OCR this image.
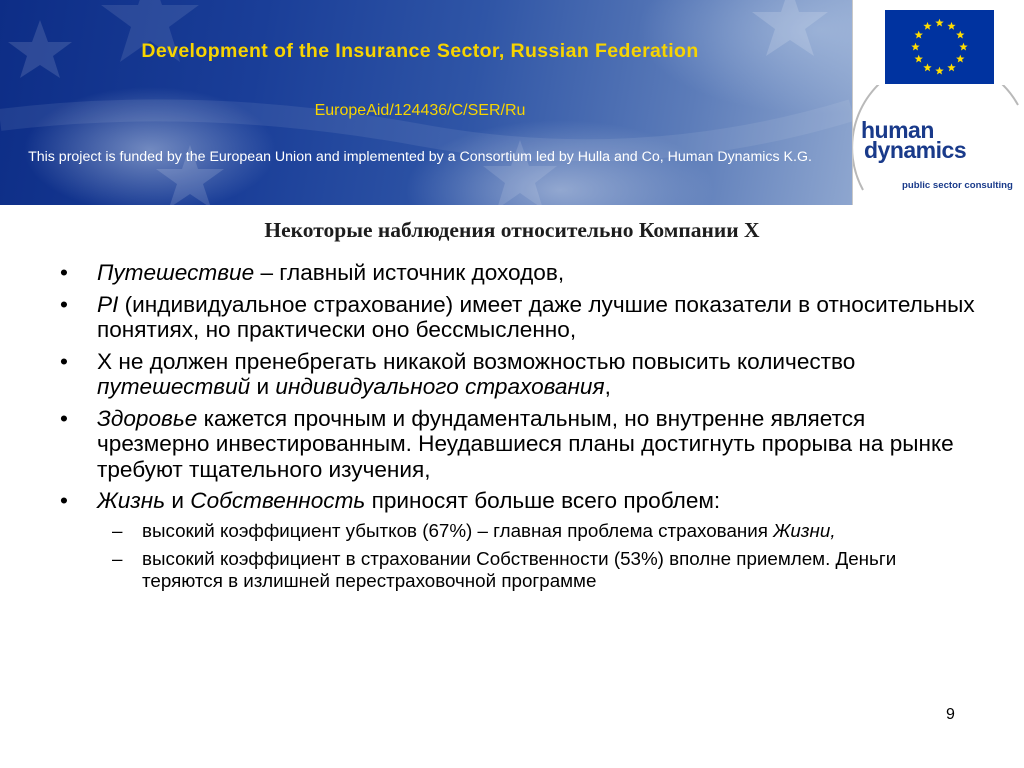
Development of the Insurance Sector, Russian Federation
EuropeAid/124436/C/SER/Ru
This project is funded by the European Union and implemented by a Consortium led by Hulla and Co, Human Dynamics K.G.
human
dynamics
public sector consulting
Некоторые наблюдения относительно Компании X
• Путешествие – главный источник доходов,
• PI (индивидуальное страхование) имеет даже лучшие показатели в относительных понятиях, но практически оно бессмысленно,
• X не должен пренебрегать никакой возможностью повысить количество путешествий и индивидуального страхования,
• Здоровье кажется прочным и фундаментальным, но внутренне является чрезмерно инвестированным. Неудавшиеся планы достигнуть прорыва на рынке требуют тщательного изучения,
• Жизнь и Собственность приносят больше всего проблем:
– высокий коэффициент убытков (67%) – главная проблема страхования Жизни,
– высокий коэффициент в страховании Собственности (53%) вполне приемлем. Деньги теряются в излишней перестраховочной программе
9
